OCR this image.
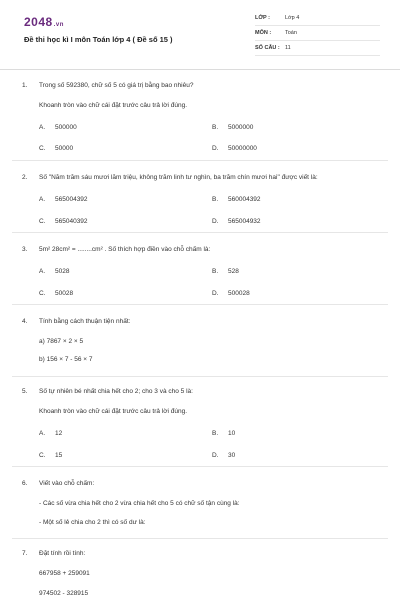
2048.vn
Đề thi học kì I môn Toán lớp 4 ( Đề số 15 )
LỚP :	Lớp 4
MÔN :	Toán
SỐ CÂU : 11
1. Trong số 592380, chữ số 5 có giá trị bằng bao nhiêu?
Khoanh tròn vào chữ cái đặt trước câu trả lời đúng.
A. 500000	B. 5000000
C. 50000	D. 50000000
2. Số "Năm trăm sáu mươi lăm triệu, không trăm linh tư nghìn, ba trăm chín mươi hai" được viết là:
A. 565004392	B. 560004392
C. 565040392	D. 565004932
3. 5m² 28cm² = ........cm² . Số thích hợp điền vào chỗ chấm là:
A. 5028	B. 528
C. 50028	D. 500028
4. Tính bằng cách thuận tiện nhất:
a) 7867 × 2 × 5
b) 156 × 7 - 56 × 7
5. Số tự nhiên bé nhất chia hết cho 2; cho 3 và cho 5 là:
Khoanh tròn vào chữ cái đặt trước câu trả lời đúng.
A. 12	B. 10
C. 15	D. 30
6. Viết vào chỗ chấm:
- Các số vừa chia hết cho 2 vừa chia hết cho 5 có chữ số tận cùng là:
- Một số lẻ chia cho 2 thì có số dư là:
7. Đặt tính rồi tính:
667958 + 259091
974502 - 328915
